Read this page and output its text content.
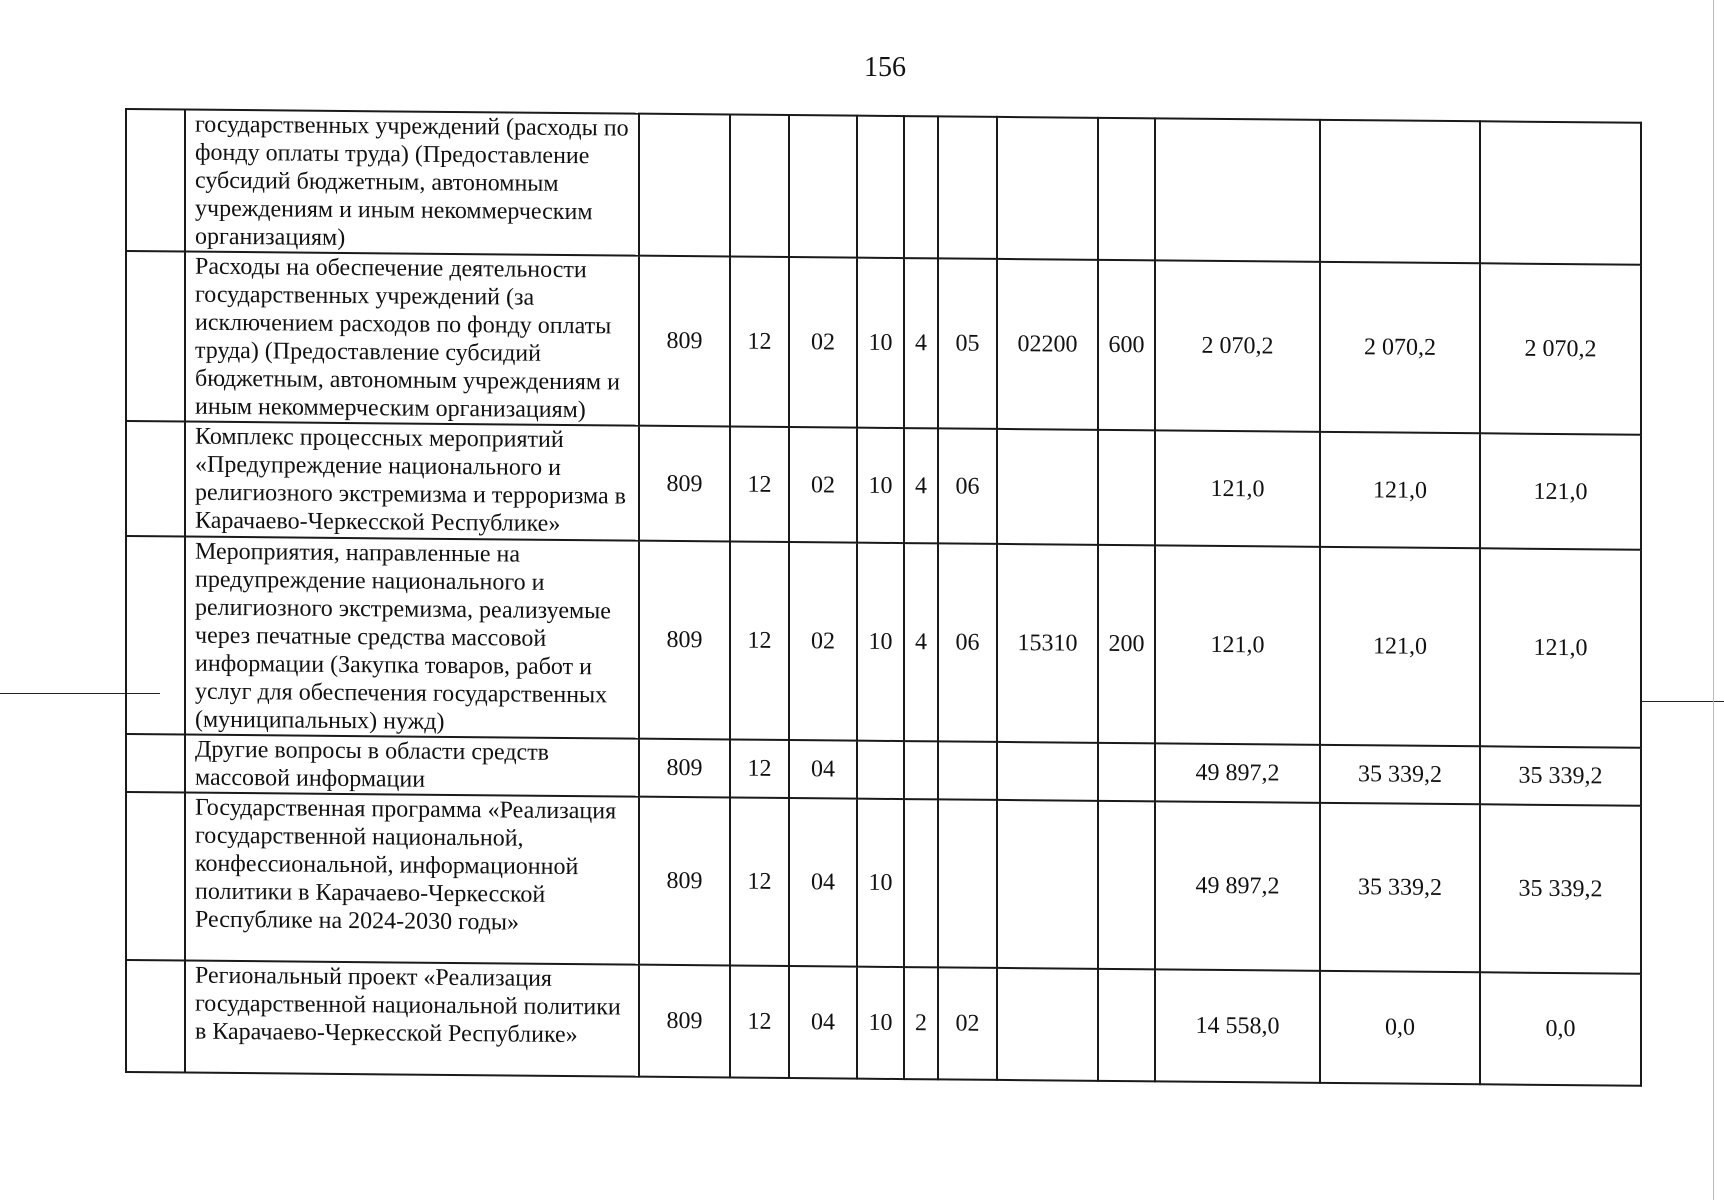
156
	государственных учреждений (расходы по фонду оплаты труда) (Предоставление субсидий бюджетным, автономным учреждениям и иным некоммерческим организациям)											
	Расходы на обеспечение деятельности государственных учреждений (за исключением расходов по фонду оплаты труда) (Предоставление субсидий бюджетным, автономным учреждениям и иным некоммерческим организациям)	809	12	02	10	4	05	02200	600	2 070,2	2 070,2	2 070,2
	Комплекс процессных мероприятий «Предупреждение национального и религиозного экстремизма и терроризма в Карачаево-Черкесской Республике»	809	12	02	10	4	06			121,0	121,0	121,0
	Мероприятия, направленные на предупреждение национального и религиозного экстремизма, реализуемые через печатные средства массовой информации (Закупка товаров, работ и услуг для обеспечения государственных (муниципальных) нужд)	809	12	02	10	4	06	15310	200	121,0	121,0	121,0
	Другие вопросы в области средств массовой информации	809	12	04						49 897,2	35 339,2	35 339,2
	Государственная программа «Реализация государственной национальной, конфессиональной, информационной политики в Карачаево-Черкесской Республике на 2024-2030 годы»	809	12	04	10					49 897,2	35 339,2	35 339,2
	Региональный проект «Реализация государственной национальной политики в Карачаево-Черкесской Республике»	809	12	04	10	2	02			14 558,0	0,0	0,0
